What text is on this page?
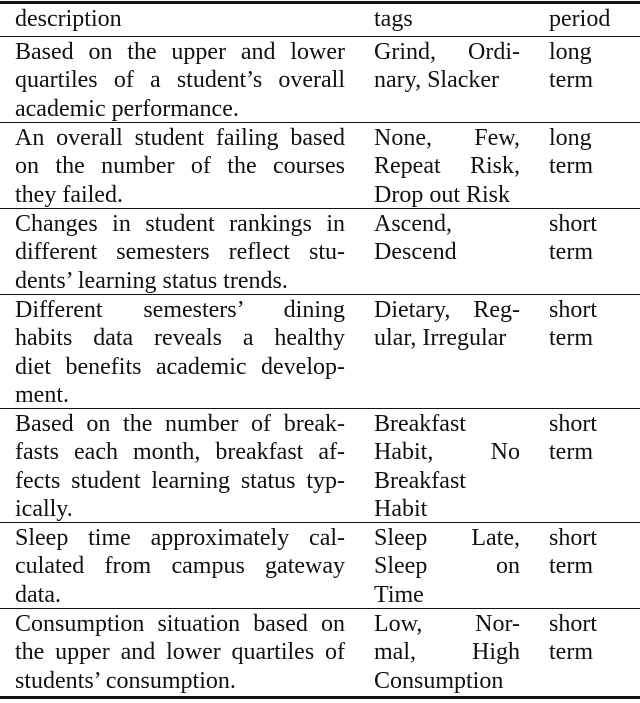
description	tags	period
Based on the upper and lower
quartiles of a student’s overall
academic performance.
Grind, Ordi-
nary, Slacker
long
term
An overall student failing based
on the number of the courses
they failed.
None, Few,
Repeat Risk,
Drop out Risk
long
term
Changes in student rankings in
different semesters reflect stu-
dents’ learning status trends.
Ascend,
Descend
short
term
Different semesters’ dining
habits data reveals a healthy
diet benefits academic develop-
ment.
Dietary, Reg-
ular, Irregular
short
term
Based on the number of break-
fasts each month, breakfast af-
fects student learning status typ-
ically.
Breakfast
Habit, No
Breakfast
Habit
short
term
Sleep time approximately cal-
culated from campus gateway
data.
Sleep Late,
Sleep on
Time
short
term
Consumption situation based on
the upper and lower quartiles of
students’ consumption.
Low, Nor-
mal, High
Consumption
short
term
